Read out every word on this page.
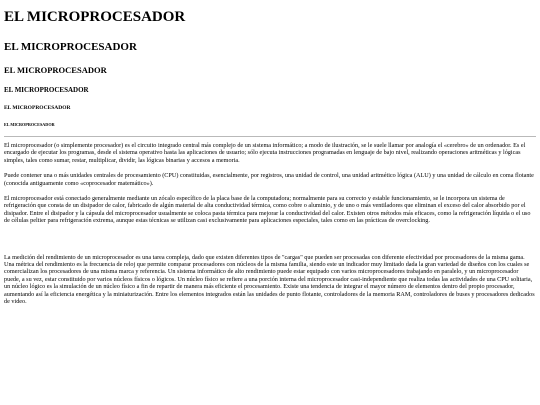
EL MICROPROCESADOR
EL MICROPROCESADOR
EL MICROPROCESADOR
EL MICROPROCESADOR
EL MICROPROCESADOR
EL MICROPROCESADOR

El microprocesador (o simplemente procesador) es el circuito integrado central más complejo de un sistema informático; a modo de ilustración, se le suele llamar por analogía el «cerebro» de un ordenador. Es el encargado de ejecutar los programas, desde el sistema operativo hasta las aplicaciones de usuario; sólo ejecuta instrucciones programadas en lenguaje de bajo nivel, realizando operaciones aritméticas y lógicas simples, tales como sumar, restar, multiplicar, dividir, las lógicas binarias y accesos a memoria.

Puede contener una o más unidades centrales de procesamiento (CPU) constituidas, esencialmente, por registros, una unidad de control, una unidad aritmético lógica (ALU) y una unidad de cálculo en coma flotante (conocida antiguamente como «coprocesador matemático»).

El microprocesador está conectado generalmente mediante un zócalo específico de la placa base de la computadora; normalmente para su correcto y estable funcionamiento, se le incorpora un sistema de refrigeración que consta de un disipador de calor, fabricado de algún material de alta conductividad térmica, como cobre o aluminio, y de uno o más ventiladores que eliminan el exceso del calor absorbido por el disipador. Entre el disipador y la cápsula del microprocesador usualmente se coloca pasta térmica para mejorar la conductividad del calor. Existen otros métodos más eficaces, como la refrigeración líquida o el uso de células peltier para refrigeración extrema, aunque estas técnicas se utilizan casi exclusivamente para aplicaciones especiales, tales como en las prácticas de overclocking.

La medición del rendimiento de un microprocesador es una tarea compleja, dado que existen diferentes tipos de "cargas" que pueden ser procesadas con diferente efectividad por procesadores de la misma gama. Una métrica del rendimiento es la frecuencia de reloj que permite comparar procesadores con núcleos de la misma familia, siendo este un indicador muy limitado dada la gran variedad de diseños con los cuales se comercializan los procesadores de una misma marca y referencia. Un sistema informático de alto rendimiento puede estar equipado con varios microprocesadores trabajando en paralelo, y un microprocesador puede, a su vez, estar constituido por varios núcleos físicos o lógicos. Un núcleo físico se refiere a una porción interna del microprocesador casi-independiente que realiza todas las actividades de una CPU solitaria, un núcleo lógico es la simulación de un núcleo físico a fin de repartir de manera más eficiente el procesamiento. Existe una tendencia de integrar el mayor número de elementos dentro del propio procesador, aumentando así la eficiencia energética y la miniaturización. Entre los elementos integrados están las unidades de punto flotante, controladores de la memoria RAM, controladores de buses y procesadores dedicados de video.
